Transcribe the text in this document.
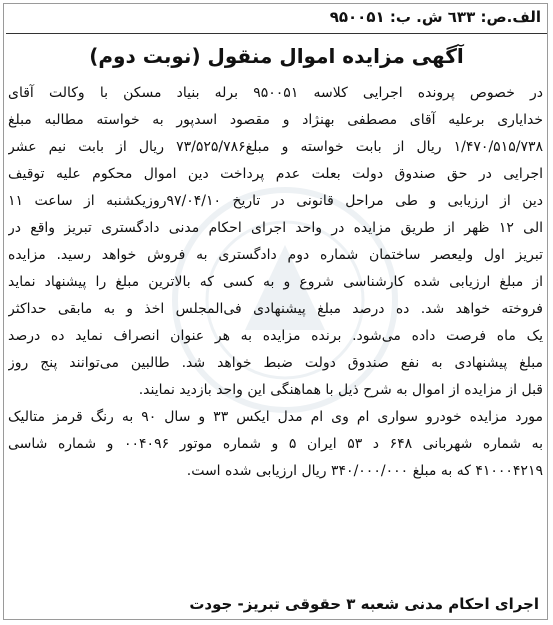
الف.ص: ٦٣٣ ش. ب: ۹۵۰۰۵۱
آگهی مزایده اموال منقول (نوبت دوم)
در خصوص پرونده اجرایی کلاسه ۹۵۰۰۵۱ برله بنیاد مسکن با وکالت آقای
خدایاری برعلیه آقای مصطفی بهنژاد و مقصود اسدپور به خواسته مطالبه مبلغ
۱/۴۷۰/۵۱۵/۷۳۸ ریال از بابت خواسته و مبلغ۷۳/۵۲۵/۷۸۶ ریال از بابت نیم عشر
اجرایی در حق صندوق دولت بعلت عدم پرداخت دین اموال محکوم علیه توقیف
دین از ارزیابی و طی مراحل قانونی در تاریخ ۹۷/۰۴/۱۰روزیکشنبه از ساعت ۱۱
الی ۱۲ ظهر از طریق مزایده در واحد اجرای احکام مدنی دادگستری تبریز واقع در
تبریز اول ولیعصر ساختمان شماره دوم دادگستری به فروش خواهد رسید. مزایده
از مبلغ ارزیابی شده کارشناسی شروع و به کسی که بالاترین مبلغ را پیشنهاد نماید
فروخته خواهد شد. ده درصد مبلغ پیشنهادی فی‌المجلس اخذ و به مابقی حداکثر
یک ماه فرصت داده می‌شود. برنده مزایده به هر عنوان انصراف نماید ده درصد
مبلغ پیشنهادی به نفع صندوق دولت ضبط خواهد شد. طالبین می‌توانند پنج روز
قبل از مزایده از اموال به شرح ذیل با هماهنگی این واحد بازدید نمایند.
مورد مزایده خودرو سواری ام وی ام مدل ایکس ۳۳ و سال ۹۰ به رنگ قرمز متالیک
به شماره شهربانی ۶۴۸ د ۵۳ ایران ۵ و شماره موتور ۰۰۴۰۹۶ و شماره شاسی
۴۱۰۰۰۴۲۱۹ که به مبلغ ۳۴۰/۰۰۰/۰۰۰ ریال ارزیابی شده است.
اجرای احکام مدنی شعبه ۳ حقوقی تبریز- جودت
